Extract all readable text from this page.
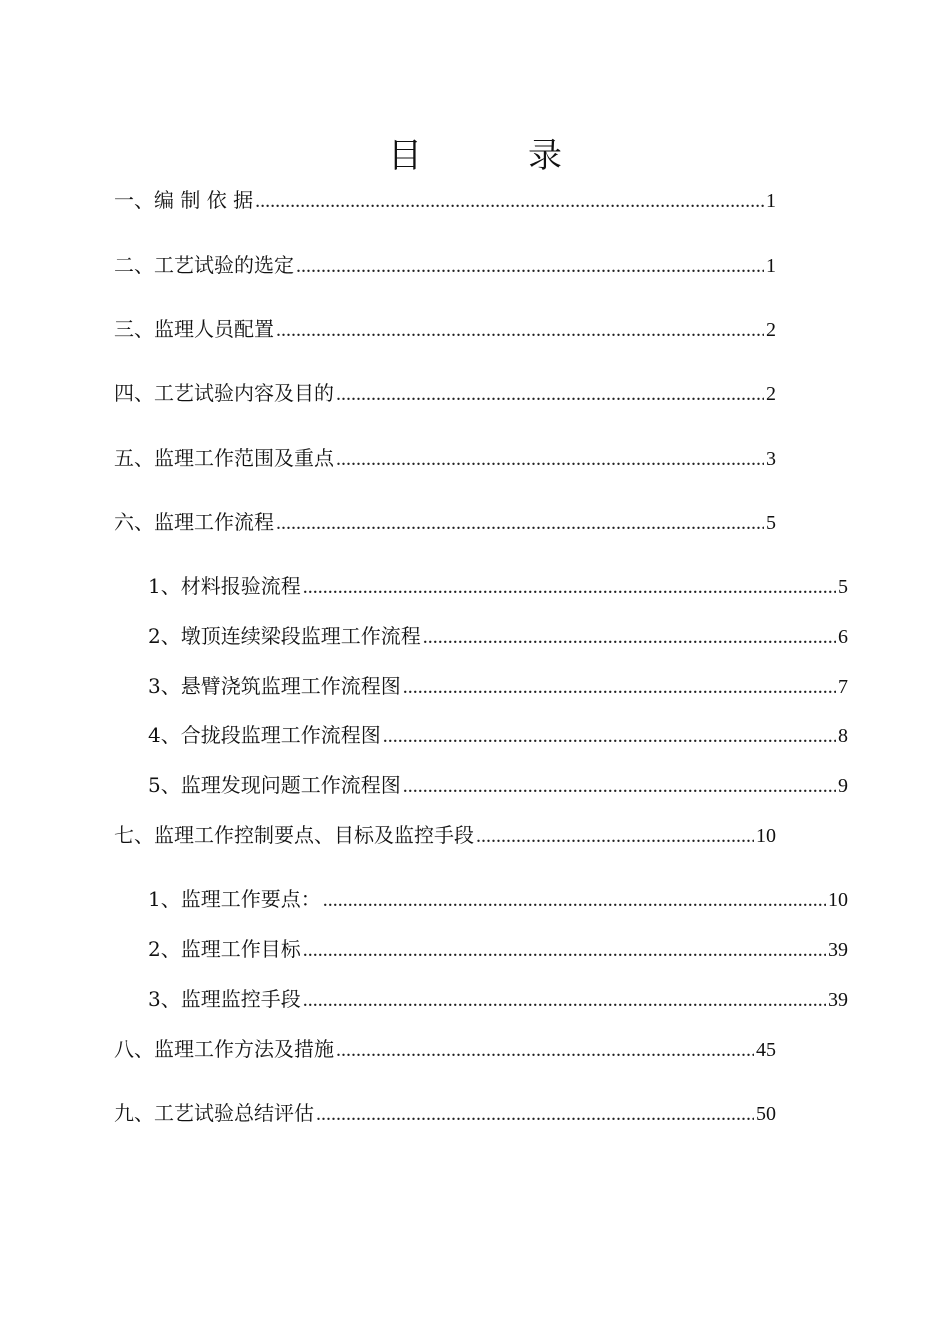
目　录
一、编 制 依 据 .....	1
二、工艺试验的选定 .....	1
三、监理人员配置 .....	2
四、工艺试验内容及目的 .....	2
五、监理工作范围及重点 .....	3
六、监理工作流程 .....	5
1、材料报验流程 .....	5
2、墩顶连续梁段监理工作流程 .....	6
3、悬臂浇筑监理工作流程图 .....	7
4、合拢段监理工作流程图 .....	8
5、监理发现问题工作流程图 .....	9
七、监理工作控制要点、目标及监控手段 .....	10
1、监理工作要点： .....	10
2、监理工作目标 .....	39
3、监理监控手段 .....	39
八、监理工作方法及措施 .....	45
九、工艺试验总结评估 .....	50
